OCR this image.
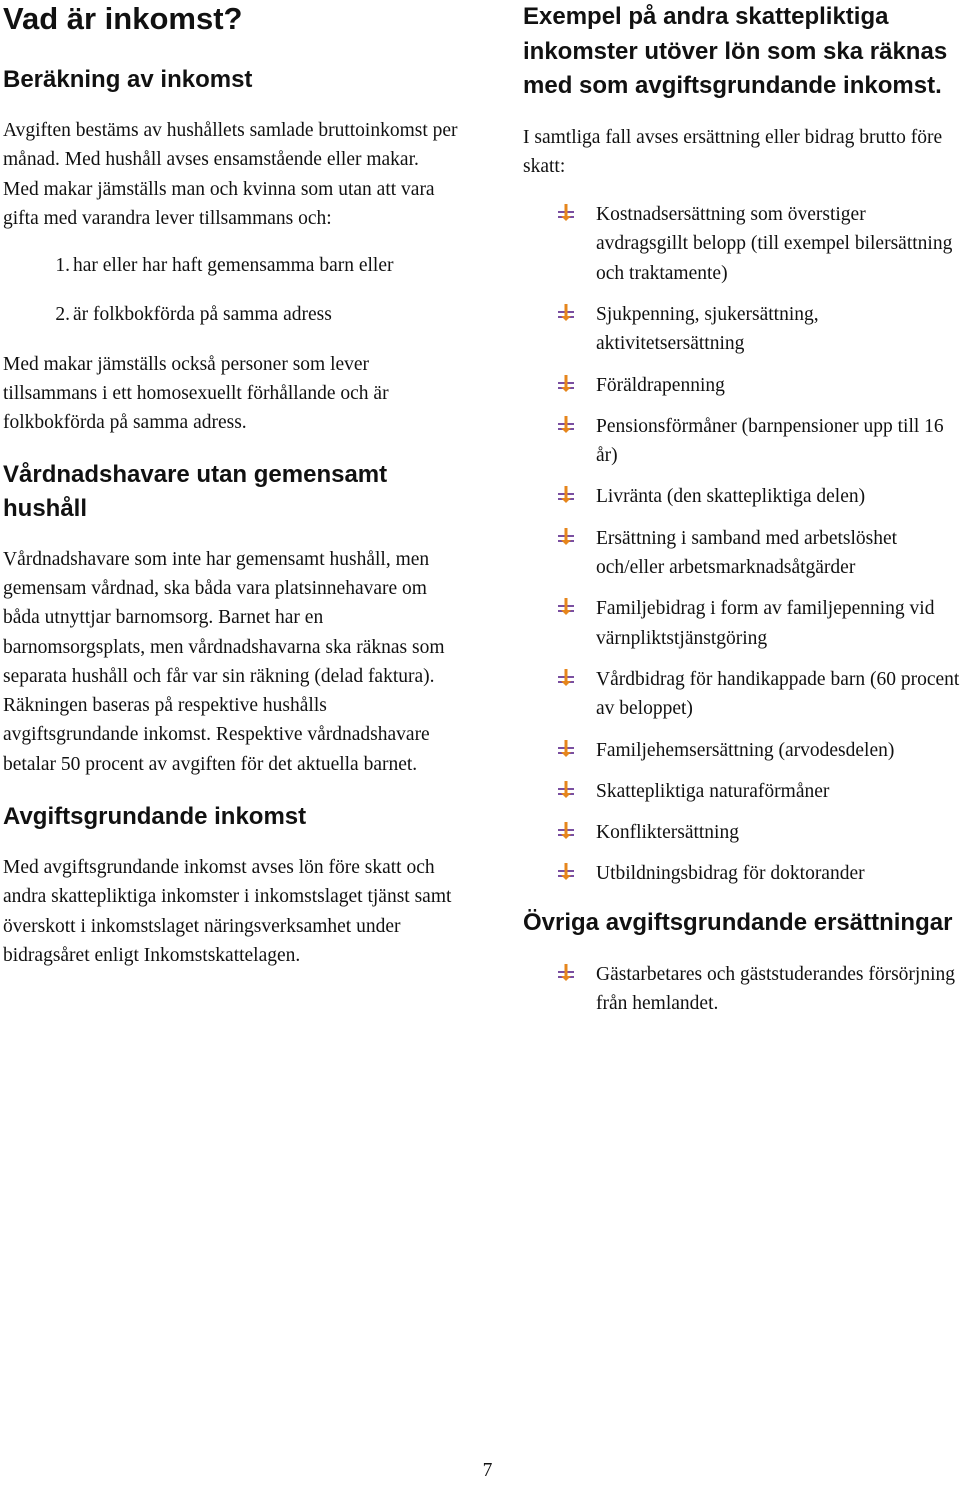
Vad är inkomst?
Beräkning av inkomst

Avgiften bestäms av hushållets samlade bruttoinkomst per månad. Med hushåll avses ensamstående eller makar. Med makar jämställs man och kvinna som utan att vara gifta med varandra lever tillsammans och:

1. har eller har haft gemensamma barn eller
2. är folkbokförda på samma adress

Med makar jämställs också personer som lever tillsammans i ett homosexuellt förhållande och är folkbokförda på samma adress.

Vårdnadshavare utan gemensamt hushåll

Vårdnadshavare som inte har gemensamt hushåll, men gemensam vårdnad, ska båda vara platsinnehavare om båda utnyttjar barnomsorg. Barnet har en barnomsorgsplats, men vårdnadshavarna ska räknas som separata hushåll och får var sin räkning (delad faktura). Räkningen baseras på respektive hushålls avgiftsgrundande inkomst. Respektive vårdnadshavare betalar 50 procent av avgiften för det aktuella barnet.

Avgiftsgrundande inkomst

Med avgiftsgrundande inkomst avses lön före skatt och andra skattepliktiga inkomster i inkomstslaget tjänst samt överskott i inkomstslaget näringsverksamhet under bidragsåret enligt Inkomstskattelagen.

Exempel på andra skattepliktiga inkomster utöver lön som ska räknas med som avgiftsgrundande inkomst.

I samtliga fall avses ersättning eller bidrag brutto före skatt:

Kostnadsersättning som överstiger avdragsgillt belopp (till exempel bilersättning och traktamente)
Sjukpenning, sjukersättning, aktivitetsersättning
Föräldrapenning
Pensionsförmåner (barnpensioner upp till 16 år)
Livränta (den skattepliktiga delen)
Ersättning i samband med arbetslöshet och/eller arbetsmarknadsåtgärder
Familjebidrag i form av familjepenning vid värnpliktstjänstgöring
Vårdbidrag för handikappade barn (60 procent av beloppet)
Familjehemsersättning (arvodesdelen)
Skattepliktiga naturaförmåner
Konfliktersättning
Utbildningsbidrag för doktorander
Övriga avgiftsgrundande ersättningar
Gästarbetares och gäststuderandes försörjning från hemlandet.
7
